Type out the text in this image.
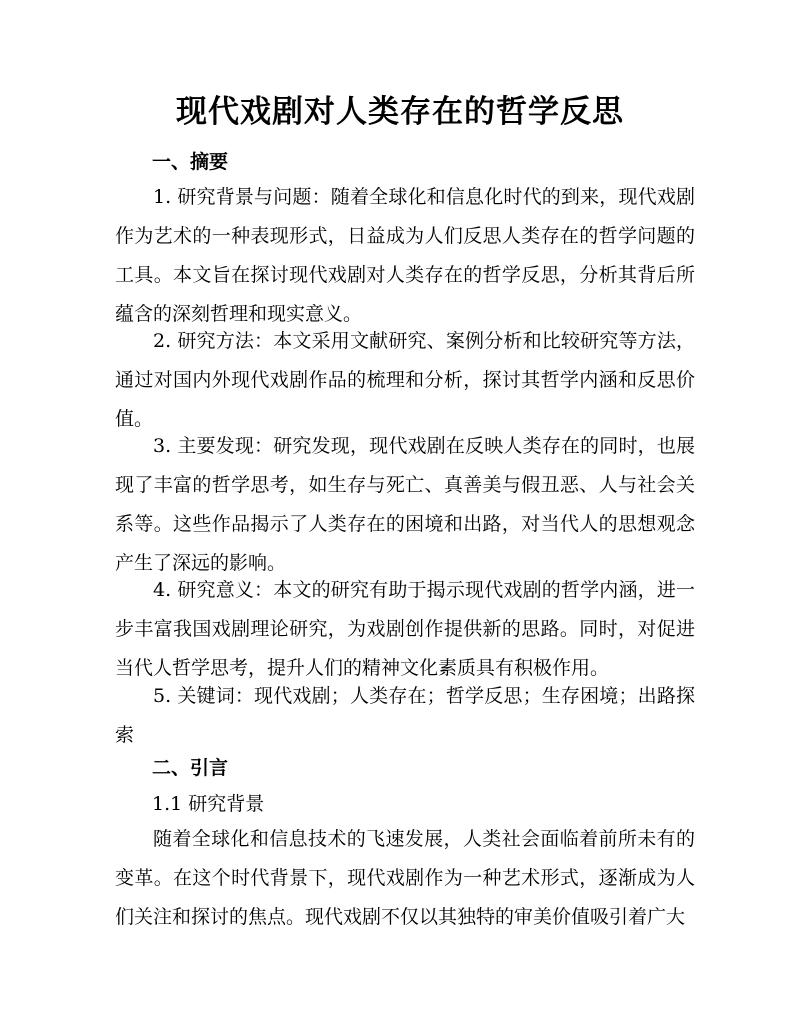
现代戏剧对人类存在的哲学反思
一、摘要

1. 研究背景与问题：随着全球化和信息化时代的到来，现代戏剧作为艺术的一种表现形式，日益成为人们反思人类存在的哲学问题的工具。本文旨在探讨现代戏剧对人类存在的哲学反思，分析其背后所蕴含的深刻哲理和现实意义。

2. 研究方法：本文采用文献研究、案例分析和比较研究等方法，通过对国内外现代戏剧作品的梳理和分析，探讨其哲学内涵和反思价值。

3. 主要发现：研究发现，现代戏剧在反映人类存在的同时，也展现了丰富的哲学思考，如生存与死亡、真善美与假丑恶、人与社会关系等。这些作品揭示了人类存在的困境和出路，对当代人的思想观念产生了深远的影响。

4. 研究意义：本文的研究有助于揭示现代戏剧的哲学内涵，进一步丰富我国戏剧理论研究，为戏剧创作提供新的思路。同时，对促进当代人哲学思考，提升人们的精神文化素质具有积极作用。

5. 关键词：现代戏剧；人类存在；哲学反思；生存困境；出路探索

二、引言
1.1 研究背景

随着全球化和信息技术的飞速发展，人类社会面临着前所未有的变革。在这个时代背景下，现代戏剧作为一种艺术形式，逐渐成为人们关注和探讨的焦点。现代戏剧不仅以其独特的审美价值吸引着广大
